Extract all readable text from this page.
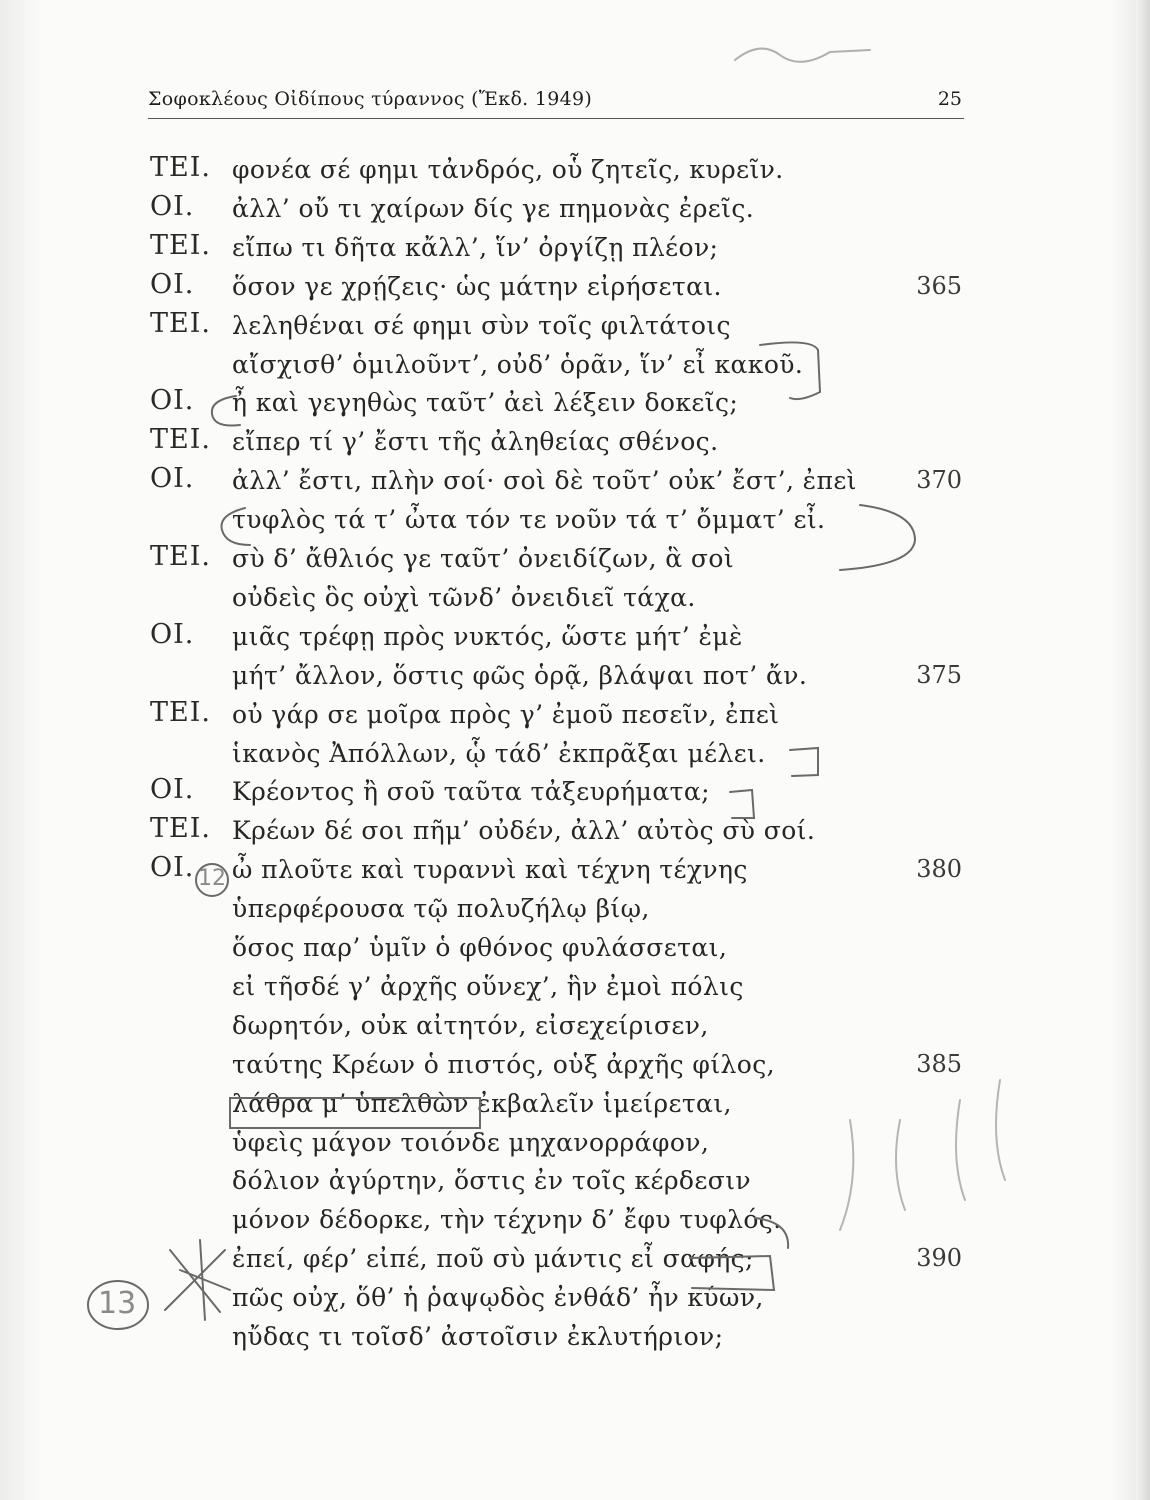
Σοφοκλέους Οἰδίπους τύραννος (Ἔκδ. 1949)	25
ΤΕΙ. φονέα σέ φημι τἀνδρός, οὗ ζητεῖς, κυρεῖν.
ΟΙ. ἀλλ’ οὔ τι χαίρων δίς γε πημονὰς ἐρεῖς.
ΤΕΙ. εἴπω τι δῆτα κἄλλ’, ἵν’ ὀργίζῃ πλέον;
ΟΙ. ὅσον γε χρῄζεις· ὡς μάτην εἰρήσεται.	365
ΤΕΙ. λεληθέναι σέ φημι σὺν τοῖς φιλτάτοις
αἴσχισθ’ ὁμιλοῦντ’, οὐδ’ ὁρᾶν, ἵν’ εἶ κακοῦ.
ΟΙ. ἦ καὶ γεγηθὼς ταῦτ’ ἀεὶ λέξειν δοκεῖς;
ΤΕΙ. εἴπερ τί γ’ ἔστι τῆς ἀληθείας σθένος.
ΟΙ. ἀλλ’ ἔστι, πλὴν σοί· σοὶ δὲ τοῦτ’ οὐκ’ ἔστ’, ἐπεὶ 370
τυφλὸς τά τ’ ὦτα τόν τε νοῦν τά τ’ ὄμματ’ εἶ.
ΤΕΙ. σὺ δ’ ἄθλιός γε ταῦτ’ ὀνειδίζων, ἃ σοὶ
οὐδεὶς ὃς οὐχὶ τῶνδ’ ὀνειδιεῖ τάχα.
ΟΙ. μιᾶς τρέφῃ πρὸς νυκτός, ὥστε μήτ’ ἐμὲ
μήτ’ ἄλλον, ὅστις φῶς ὁρᾷ, βλάψαι ποτ’ ἄν.	375
ΤΕΙ. οὐ γάρ σε μοῖρα πρὸς γ’ ἐμοῦ πεσεῖν, ἐπεὶ
ἱκανὸς Ἀπόλλων, ᾧ τάδ’ ἐκπρᾶξαι μέλει.
ΟΙ. Κρέοντος ἢ σοῦ ταῦτα τἀξευρήματα;
ΤΕΙ. Κρέων δέ σοι πῆμ’ οὐδέν, ἀλλ’ αὐτὸς σὺ σοί.
ΟΙ. ὦ πλοῦτε καὶ τυραννὶ καὶ τέχνη τέχνης	380
ὑπερφέρουσα τῷ πολυζήλῳ βίῳ,
ὅσος παρ’ ὑμῖν ὁ φθόνος φυλάσσεται,
εἰ τῆσδέ γ’ ἀρχῆς οὕνεχ’, ἣν ἐμοὶ πόλις
δωρητόν, οὐκ αἰτητόν, εἰσεχείρισεν,
ταύτης Κρέων ὁ πιστός, οὑξ ἀρχῆς φίλος,	385
λάθρα μ’ ὑπελθὼν ἐκβαλεῖν ἱμείρεται,
ὑφεὶς μάγον τοιόνδε μηχανορράφον,
δόλιον ἀγύρτην, ὅστις ἐν τοῖς κέρδεσιν
μόνον δέδορκε, τὴν τέχνην δ’ ἔφυ τυφλός.
ἐπεί, φέρ’ εἰπέ, ποῦ σὺ μάντις εἶ σαφής;	390
πῶς οὐχ, ὅθ’ ἡ ῥαψῳδὸς ἐνθάδ’ ἦν κύων,
ηὔδας τι τοῖσδ’ ἀστοῖσιν ἐκλυτήριον;
12
13
